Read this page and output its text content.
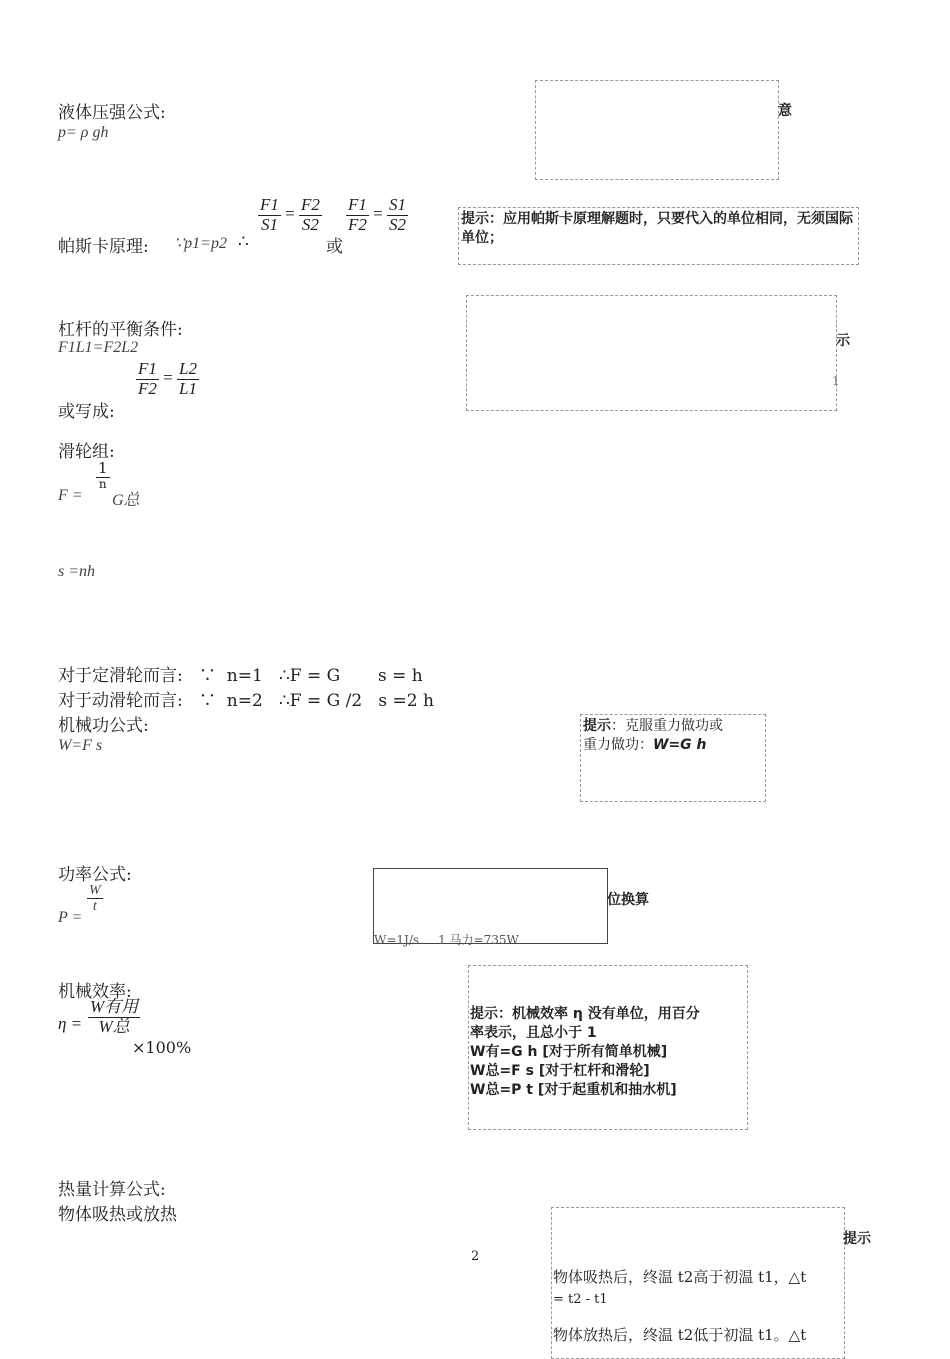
液体压强公式:
p= ρ gh
意
帕斯卡原理: ∵p1=p2 ∴
$\frac{F1}{S1} = \frac{F2}{S2}$
或
$\frac{F1}{F2} = \frac{S1}{S2}$	提示：应用帕斯卡原理解题时，只要代入的单位相同，无须国际单位；
杠杆的平衡条件:
F1L1=F2L2
或写成:
$\frac{F1}{F2} = \frac{L2}{L1}$
示
1
滑轮组:
F =
$\frac{1}{n}$
G总
s =nh
对于定滑轮而言:   ∵  n=1   ∴F = G       s = h
对于动滑轮而言:   ∵  n=2   ∴F = G /2   s =2 h
机械功公式:
W=F s
提示：克服重力做功或
重力做功：W=G h
功率公式:
P =
$\frac{W}{t}$	位换算
W=1J/s     1 马力=735W
机械效率:
$\eta = \frac{\text{W有用}}{\text{W总}}$
×100%
提示：机械效率 η 没有单位，用百分
率表示，且总小于 1
W有=G h [对于所有简单机械]
W总=F s [对于杠杆和滑轮]
W总=P t [对于起重机和抽水机]
热量计算公式:
物体吸热或放热
提示
物体吸热后，终温 t2高于初温 t1，△t
= t2 - t1
物体放热后，终温 t2低于初温 t1。△t
2
